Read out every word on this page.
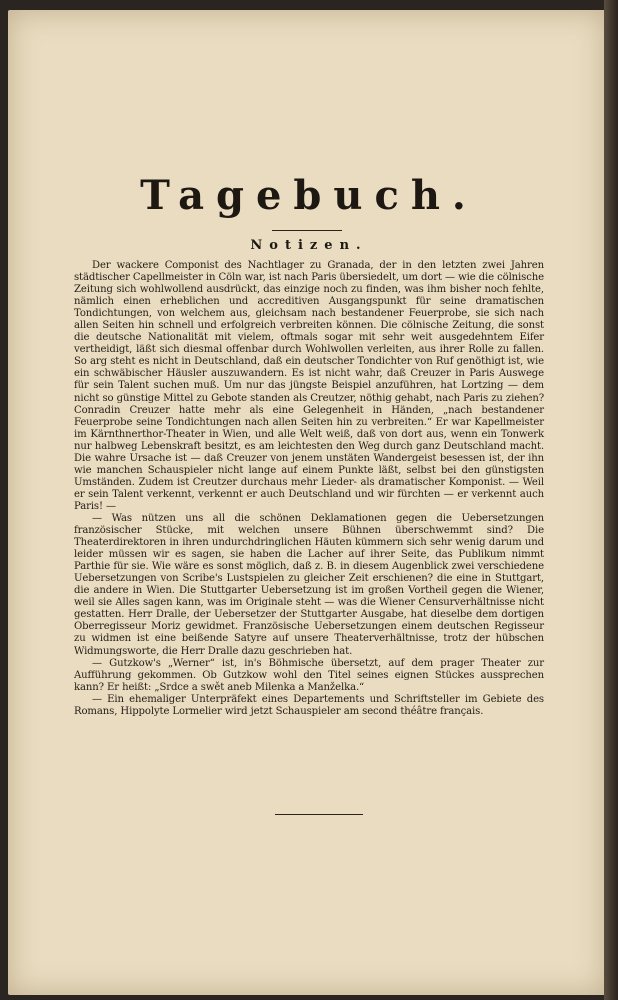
Tagebuch.
Notizen.

Der wackere Componist des Nachtlager zu Granada, der in den letzten zwei Jahren städtischer Capellmeister in Cöln war, ist nach Paris übersiedelt, um dort — wie die cölnische Zeitung sich wohlwollend ausdrückt, das einzige noch zu finden, was ihm bisher noch fehlte, nämlich einen erheblichen und accreditiven Ausgangspunkt für seine dramatischen Tondichtungen, von welchem aus, gleichsam nach bestandener Feuerprobe, sie sich nach allen Seiten hin schnell und erfolgreich verbreiten können. Die cölnische Zeitung, die sonst die deutsche Nationalität mit vielem, oftmals sogar mit sehr weit ausgedehntem Eifer vertheidigt, läßt sich diesmal offenbar durch Wohlwollen verleiten, aus ihrer Rolle zu fallen. So arg steht es nicht in Deutschland, daß ein deutscher Tondichter von Ruf genöthigt ist, wie ein schwäbischer Häusler auszuwandern. Es ist nicht wahr, daß Creuzer in Paris Auswege für sein Talent suchen muß. Um nur das jüngste Beispiel anzuführen, hat Lortzing — dem nicht so günstige Mittel zu Gebote standen als Creutzer, nöthig gehabt, nach Paris zu ziehen? Conradin Creuzer hatte mehr als eine Gelegenheit in Händen, „nach bestandener Feuerprobe seine Tondichtungen nach allen Seiten hin zu verbreiten.“ Er war Kapellmeister im Kärnthnerthor-Theater in Wien, und alle Welt weiß, daß von dort aus, wenn ein Tonwerk nur halbweg Lebenskraft besitzt, es am leichtesten den Weg durch ganz Deutschland macht. Die wahre Ursache ist — daß Creuzer von jenem unstäten Wandergeist besessen ist, der ihn wie manchen Schauspieler nicht lange auf einem Punkte läßt, selbst bei den günstigsten Umständen. Zudem ist Creutzer durchaus mehr Lieder- als dramatischer Komponist. — Weil er sein Talent verkennt, verkennt er auch Deutschland und wir fürchten — er verkennt auch Paris! —

— Was nützen uns all die schönen Deklamationen gegen die Uebersetzungen französischer Stücke, mit welchen unsere Bühnen überschwemmt sind? Die Theaterdirektoren in ihren undurchdringlichen Häuten kümmern sich sehr wenig darum und leider müssen wir es sagen, sie haben die Lacher auf ihrer Seite, das Publikum nimmt Parthie für sie. Wie wäre es sonst möglich, daß z. B. in diesem Augenblick zwei verschiedene Uebersetzungen von Scribe's Lustspielen zu gleicher Zeit erschienen? die eine in Stuttgart, die andere in Wien. Die Stuttgarter Uebersetzung ist im großen Vortheil gegen die Wiener, weil sie Alles sagen kann, was im Originale steht — was die Wiener Censurverhältnisse nicht gestatten. Herr Dralle, der Uebersetzer der Stuttgarter Ausgabe, hat dieselbe dem dortigen Oberregisseur Moriz gewidmet. Französische Uebersetzungen einem deutschen Regisseur zu widmen ist eine beißende Satyre auf unsere Theaterverhältnisse, trotz der hübschen Widmungsworte, die Herr Dralle dazu geschrieben hat.

— Gutzkow's „Werner“ ist, in's Böhmische übersetzt, auf dem prager Theater zur Aufführung gekommen. Ob Gutzkow wohl den Titel seines eignen Stückes aussprechen kann? Er heißt: „Srdce a swět aneb Milenka a Manželka.“

— Ein ehemaliger Unterpräfekt eines Departements und Schriftsteller im Gebiete des Romans, Hippolyte Lormelier wird jetzt Schauspieler am second théâtre français.
